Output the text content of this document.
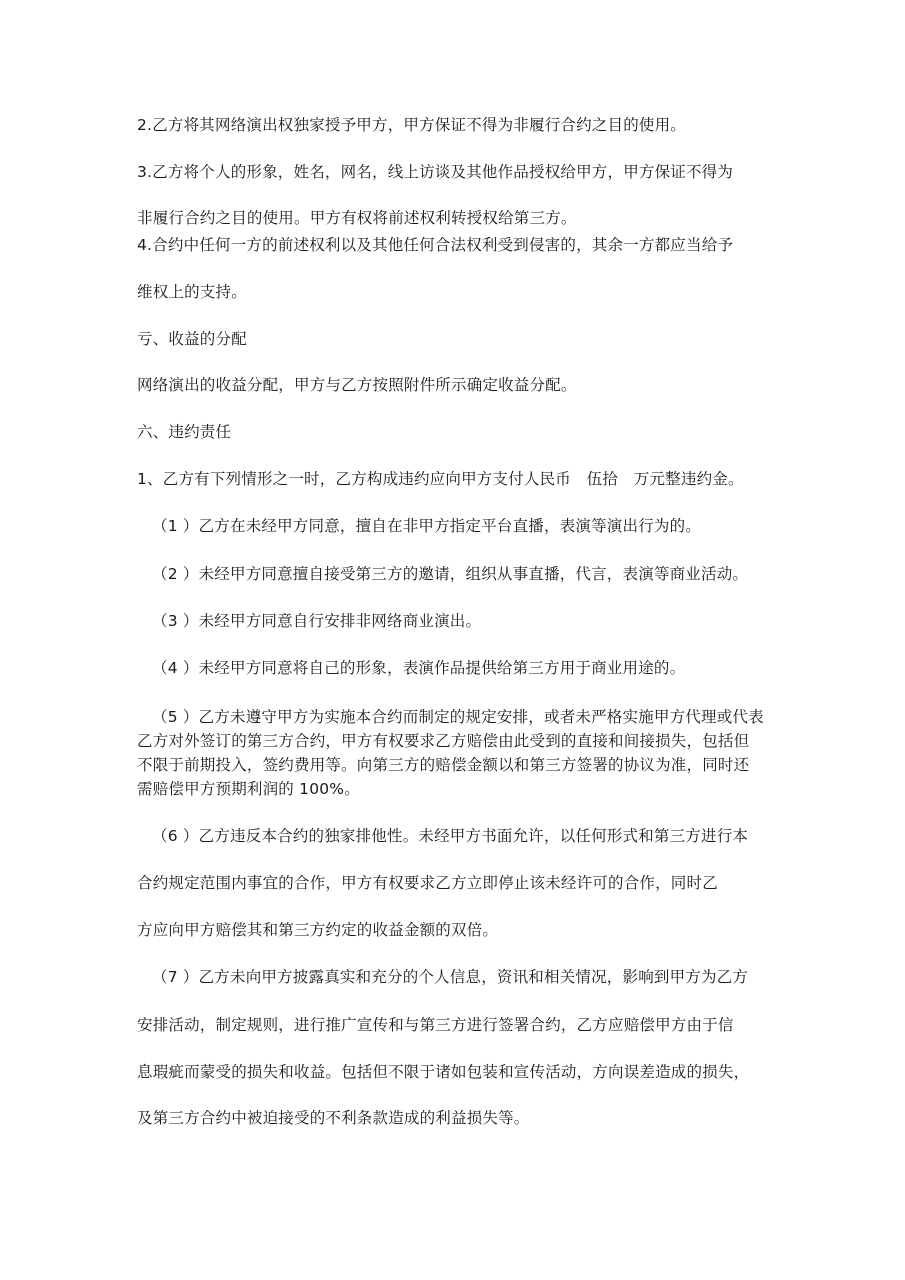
2.乙方将其网络演出权独家授予甲方，甲方保证不得为非履行合约之目的使用。
3.乙方将个人的形象，姓名，网名，线上访谈及其他作品授权给甲方，甲方保证不得为
非履行合约之目的使用。甲方有权将前述权利转授权给第三方。
4.合约中任何一方的前述权利以及其他任何合法权利受到侵害的，其余一方都应当给予
维权上的支持。
亏、收益的分配
网络演出的收益分配，甲方与乙方按照附件所示确定收益分配。
六、违约责任
1、乙方有下列情形之一时，乙方构成违约应向甲方支付人民币　伍拾　万元整违约金。
（1 ）乙方在未经甲方同意，擅自在非甲方指定平台直播，表演等演出行为的。
（2 ）未经甲方同意擅自接受第三方的邀请，组织从事直播，代言，表演等商业活动。
（3 ）未经甲方同意自行安排非网络商业演出。
（4 ）未经甲方同意将自己的形象，表演作品提供给第三方用于商业用途的。
（5 ）乙方未遵守甲方为实施本合约而制定的规定安排，或者未严格实施甲方代理或代表
乙方对外签订的第三方合约，甲方有权要求乙方赔偿由此受到的直接和间接损失，包括但
不限于前期投入，签约费用等。向第三方的赔偿金额以和第三方签署的协议为准，同时还
需赔偿甲方预期利润的 100%。
（6 ）乙方违反本合约的独家排他性。未经甲方书面允许，以任何形式和第三方进行本
合约规定范围内事宜的合作，甲方有权要求乙方立即停止该未经许可的合作，同时乙
方应向甲方赔偿其和第三方约定的收益金额的双倍。
（7 ）乙方未向甲方披露真实和充分的个人信息，资讯和相关情况，影响到甲方为乙方
安排活动，制定规则，进行推广宣传和与第三方进行签署合约，乙方应赔偿甲方由于信
息瑕疵而蒙受的损失和收益。包括但不限于诸如包装和宣传活动，方向误差造成的损失，
及第三方合约中被迫接受的不利条款造成的利益损失等。
